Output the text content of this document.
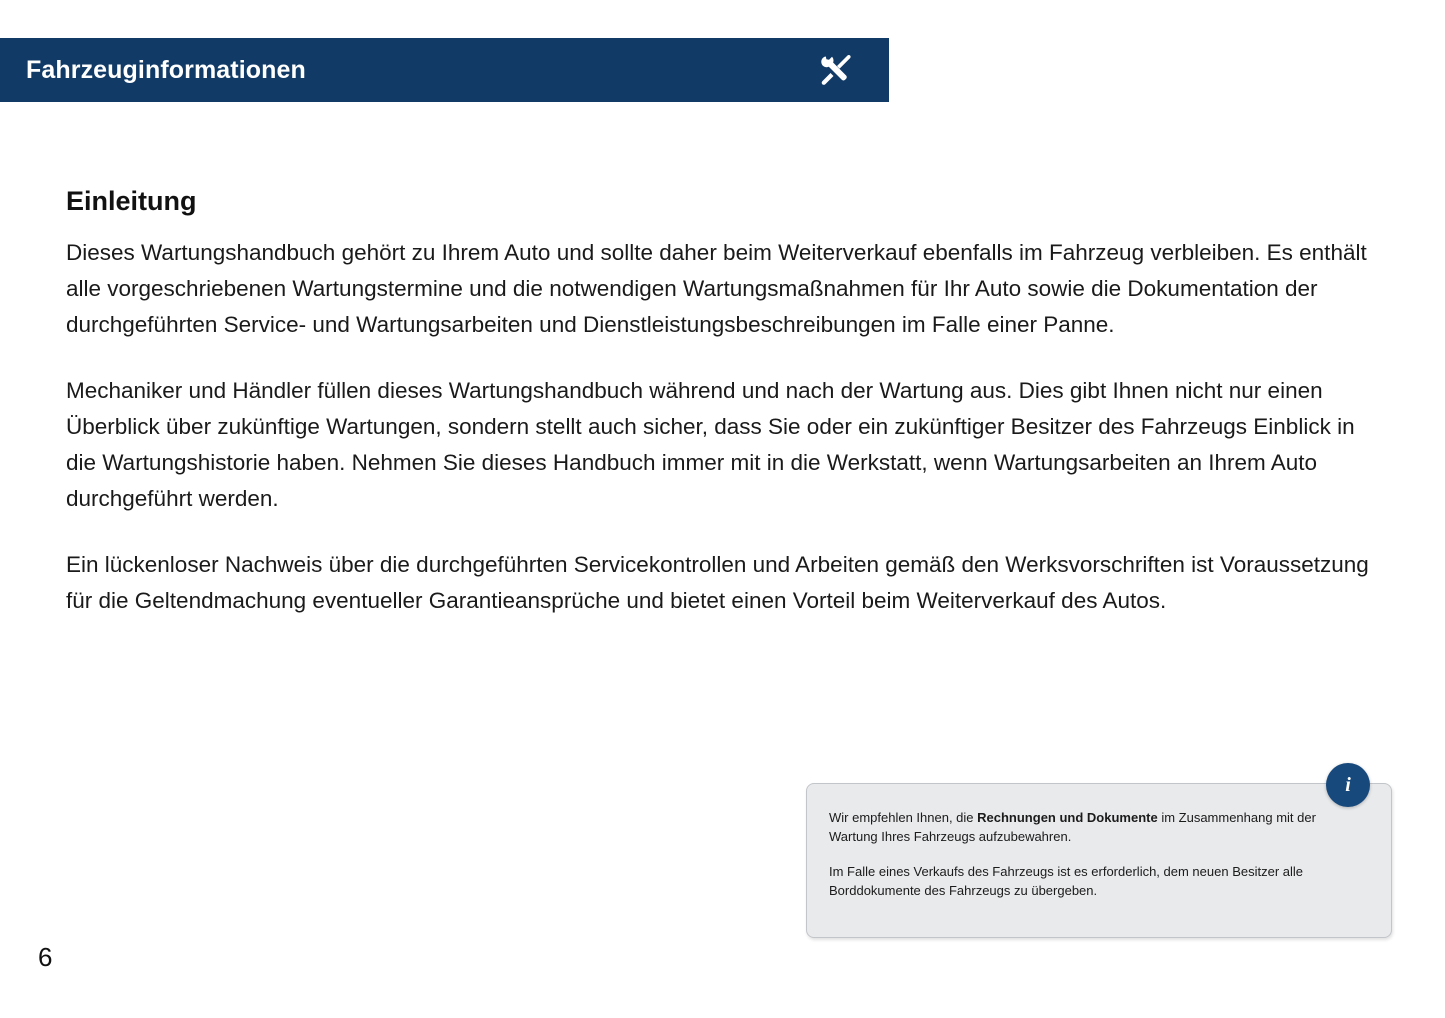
Fahrzeuginformationen
Einleitung

Dieses Wartungshandbuch gehört zu Ihrem Auto und sollte daher beim Weiterverkauf ebenfalls im Fahrzeug verbleiben. Es enthält alle vorgeschriebenen Wartungstermine und die notwendigen Wartungsmaßnahmen für Ihr Auto sowie die Dokumentation der durchgeführten Service- und Wartungsarbeiten und Dienstleistungsbeschreibungen im Falle einer Panne.

Mechaniker und Händler füllen dieses Wartungshandbuch während und nach der Wartung aus. Dies gibt Ihnen nicht nur einen Überblick über zukünftige Wartungen, sondern stellt auch sicher, dass Sie oder ein zukünftiger Besitzer des Fahrzeugs Einblick in die Wartungshistorie haben. Nehmen Sie dieses Handbuch immer mit in die Werkstatt, wenn Wartungsarbeiten an Ihrem Auto durchgeführt werden.

Ein lückenloser Nachweis über die durchgeführten Servicekontrollen und Arbeiten gemäß den Werksvorschriften ist Voraussetzung für die Geltendmachung eventueller Garantieansprüche und bietet einen Vorteil beim Weiterverkauf des Autos.

Wir empfehlen Ihnen, die Rechnungen und Dokumente im Zusammenhang mit der Wartung Ihres Fahrzeugs aufzubewahren.

Im Falle eines Verkaufs des Fahrzeugs ist es erforderlich, dem neuen Besitzer alle Borddokumente des Fahrzeugs zu übergeben.

i
6
